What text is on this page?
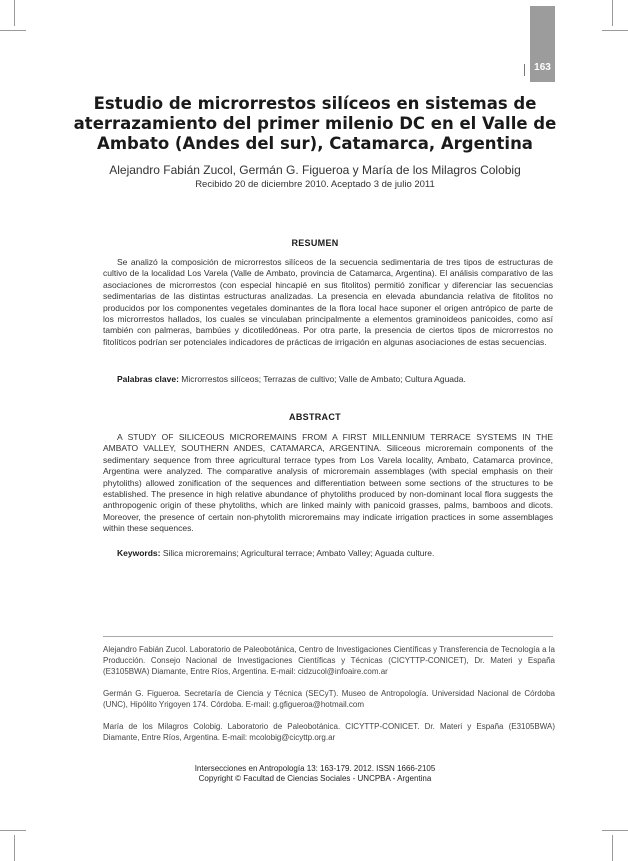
163
Estudio de microrrestos silíceos en sistemas de aterrazamiento del primer milenio DC en el Valle de Ambato (Andes del sur), Catamarca, Argentina
Alejandro Fabián Zucol, Germán G. Figueroa y María de los Milagros Colobig
Recibido 20 de diciembre 2010. Aceptado 3 de julio 2011
RESUMEN
Se analizó la composición de microrrestos silíceos de la secuencia sedimentaria de tres tipos de estructuras de cultivo de la localidad Los Varela (Valle de Ambato, provincia de Catamarca, Argentina). El análisis comparativo de las asociaciones de microrrestos (con especial hincapié en sus fitolitos) permitió zonificar y diferenciar las secuencias sedimentarias de las distintas estructuras analizadas. La presencia en elevada abundancia relativa de fitolitos no producidos por los componentes vegetales dominantes de la flora local hace suponer el origen antrópico de parte de los microrrestos hallados, los cuales se vinculaban principalmente a elementos graminoideos panicoides, como así también con palmeras, bambúes y dicotiledóneas. Por otra parte, la presencia de ciertos tipos de microrrestos no fitolíticos podrían ser potenciales indicadores de prácticas de irrigación en algunas asociaciones de estas secuencias.
Palabras clave: Microrrestos silíceos; Terrazas de cultivo; Valle de Ambato; Cultura Aguada.
ABSTRACT
A STUDY OF SILICEOUS MICROREMAINS FROM A FIRST MILLENNIUM TERRACE SYSTEMS IN THE AMBATO VALLEY, SOUTHERN ANDES, CATAMARCA, ARGENTINA. Siliceous microremain components of the sedimentary sequence from three agricultural terrace types from Los Varela locality, Ambato, Catamarca province, Argentina were analyzed. The comparative analysis of microremain assemblages (with special emphasis on their phytoliths) allowed zonification of the sequences and differentiation between some sections of the structures to be established. The presence in high relative abundance of phytoliths produced by non-dominant local flora suggests the anthropogenic origin of these phytoliths, which are linked mainly with panicoid grasses, palms, bamboos and dicots. Moreover, the presence of certain non-phytolith microremains may indicate irrigation practices in some assemblages within these sequences.
Keywords: Silica microremains; Agricultural terrace; Ambato Valley; Aguada culture.
Alejandro Fabián Zucol. Laboratorio de Paleobotánica, Centro de Investigaciones Científicas y Transferencia de Tecnología a la Producción. Consejo Nacional de Investigaciones Científicas y Técnicas (CICYTTP-CONICET), Dr. Materi y España (E3105BWA) Diamante, Entre Ríos, Argentina. E-mail: cidzucol@infoaire.com.ar
Germán G. Figueroa. Secretaría de Ciencia y Técnica (SECyT). Museo de Antropología. Universidad Nacional de Córdoba (UNC), Hipólito Yrigoyen 174. Córdoba. E-mail: g.gfigueroa@hotmail.com
María de los Milagros Colobig. Laboratorio de Paleobotánica. CICYTTP-CONICET. Dr. Materi y España (E3105BWA) Diamante, Entre Ríos, Argentina. E-mail: mcolobig@cicyttp.org.ar
Intersecciones en Antropología 13: 163-179. 2012. ISSN 1666-2105
Copyright © Facultad de Ciencias Sociales - UNCPBA - Argentina
